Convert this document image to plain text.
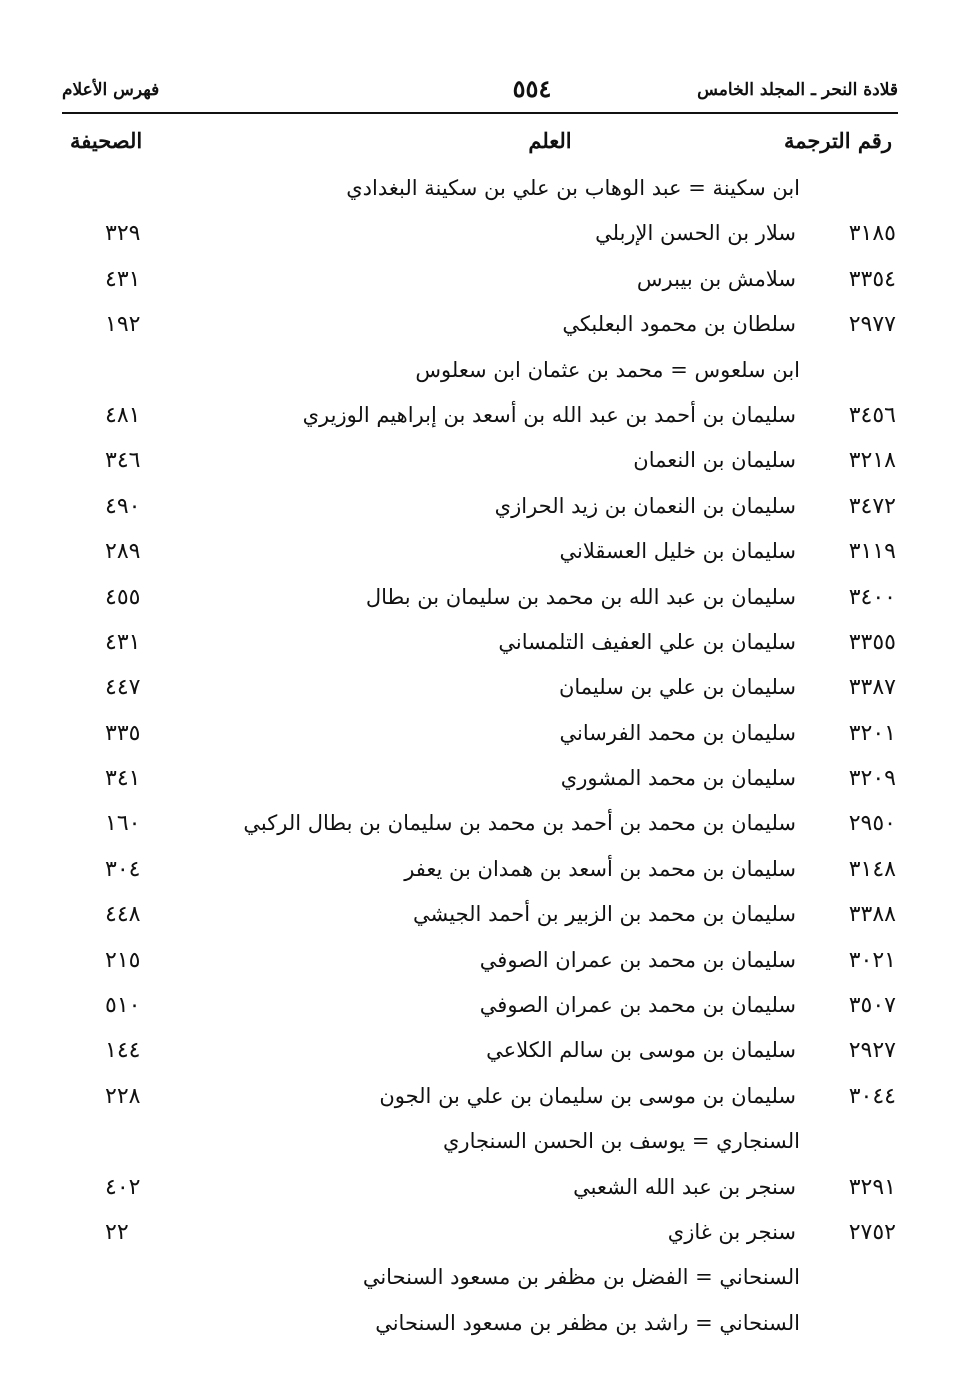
قلادة النحر ـ المجلد الخامس
٥٥٤
فهرس الأعلام
رقم الترجمة
العلم
الصحيفة
ابن سكينة = عبد الوهاب بن علي بن سكينة البغدادي
٣١٨٥
سلار بن الحسن الإربلي
٣٢٩
٣٣٥٤
سلامش بن بيبرس
٤٣١
٢٩٧٧
سلطان بن محمود البعلبكي
١٩٢
ابن سلعوس = محمد بن عثمان ابن سعلوس
٣٤٥٦
سليمان بن أحمد بن عبد الله بن أسعد بن إبراهيم الوزيري
٤٨١
٣٢١٨
سليمان بن النعمان
٣٤٦
٣٤٧٢
سليمان بن النعمان بن زيد الحرازي
٤٩٠
٣١١٩
سليمان بن خليل العسقلاني
٢٨٩
٣٤٠٠
سليمان بن عبد الله بن محمد بن سليمان بن بطال
٤٥٥
٣٣٥٥
سليمان بن علي العفيف التلمساني
٤٣١
٣٣٨٧
سليمان بن علي بن سليمان
٤٤٧
٣٢٠١
سليمان بن محمد الفرساني
٣٣٥
٣٢٠٩
سليمان بن محمد المشوري
٣٤١
٢٩٥٠
سليمان بن محمد بن أحمد بن محمد بن سليمان بن بطال الركبي
١٦٠
٣١٤٨
سليمان بن محمد بن أسعد بن همدان بن يعفر
٣٠٤
٣٣٨٨
سليمان بن محمد بن الزبير بن أحمد الجيشي
٤٤٨
٣٠٢١
سليمان بن محمد بن عمران الصوفي
٢١٥
٣٥٠٧
سليمان بن محمد بن عمران الصوفي
٥١٠
٢٩٢٧
سليمان بن موسى بن سالم الكلاعي
١٤٤
٣٠٤٤
سليمان بن موسى بن سليمان بن علي بن الجون
٢٢٨
السنجاري = يوسف بن الحسن السنجاري
٣٢٩١
سنجر بن عبد الله الشعبي
٤٠٢
٢٧٥٢
سنجر بن غازي
٢٢
السنحاني = الفضل بن مظفر بن مسعود السنحاني
السنحاني = راشد بن مظفر بن مسعود السنحاني
